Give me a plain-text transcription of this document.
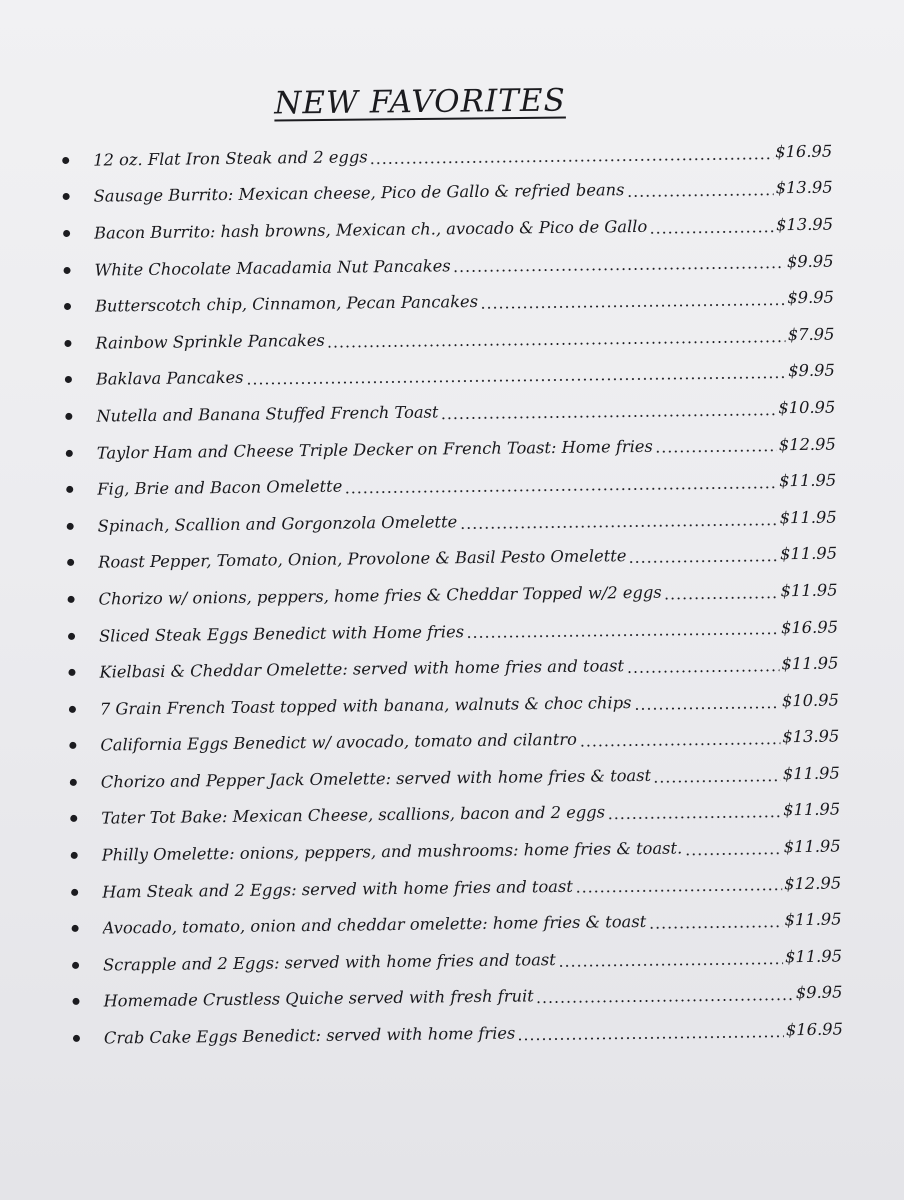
NEW FAVORITES
12 oz. Flat Iron Steak and 2 eggs	$16.95
Sausage Burrito: Mexican cheese, Pico de Gallo & refried beans	$13.95
Bacon Burrito: hash browns, Mexican ch., avocado & Pico de Gallo	$13.95
White Chocolate Macadamia Nut Pancakes	$9.95
Butterscotch chip, Cinnamon, Pecan Pancakes	$9.95
Rainbow Sprinkle Pancakes	$7.95
Baklava Pancakes	$9.95
Nutella and Banana Stuffed French Toast	$10.95
Taylor Ham and Cheese Triple Decker on French Toast: Home fries	$12.95
Fig, Brie and Bacon Omelette	$11.95
Spinach, Scallion and Gorgonzola Omelette	$11.95
Roast Pepper, Tomato, Onion, Provolone & Basil Pesto Omelette	$11.95
Chorizo w/ onions, peppers, home fries & Cheddar Topped w/2 eggs	$11.95
Sliced Steak Eggs Benedict with Home fries	$16.95
Kielbasi & Cheddar Omelette: served with home fries and toast	$11.95
7 Grain French Toast topped with banana, walnuts & choc chips	$10.95
California Eggs Benedict w/ avocado, tomato and cilantro	$13.95
Chorizo and Pepper Jack Omelette: served with home fries & toast	$11.95
Tater Tot Bake: Mexican Cheese, scallions, bacon and 2 eggs	$11.95
Philly Omelette: onions, peppers, and mushrooms: home fries & toast.	$11.95
Ham Steak and 2 Eggs: served with home fries and toast	$12.95
Avocado, tomato, onion and cheddar omelette: home fries & toast	$11.95
Scrapple and 2 Eggs: served with home fries and toast	$11.95
Homemade Crustless Quiche served with fresh fruit	$9.95
Crab Cake Eggs Benedict: served with home fries	$16.95
